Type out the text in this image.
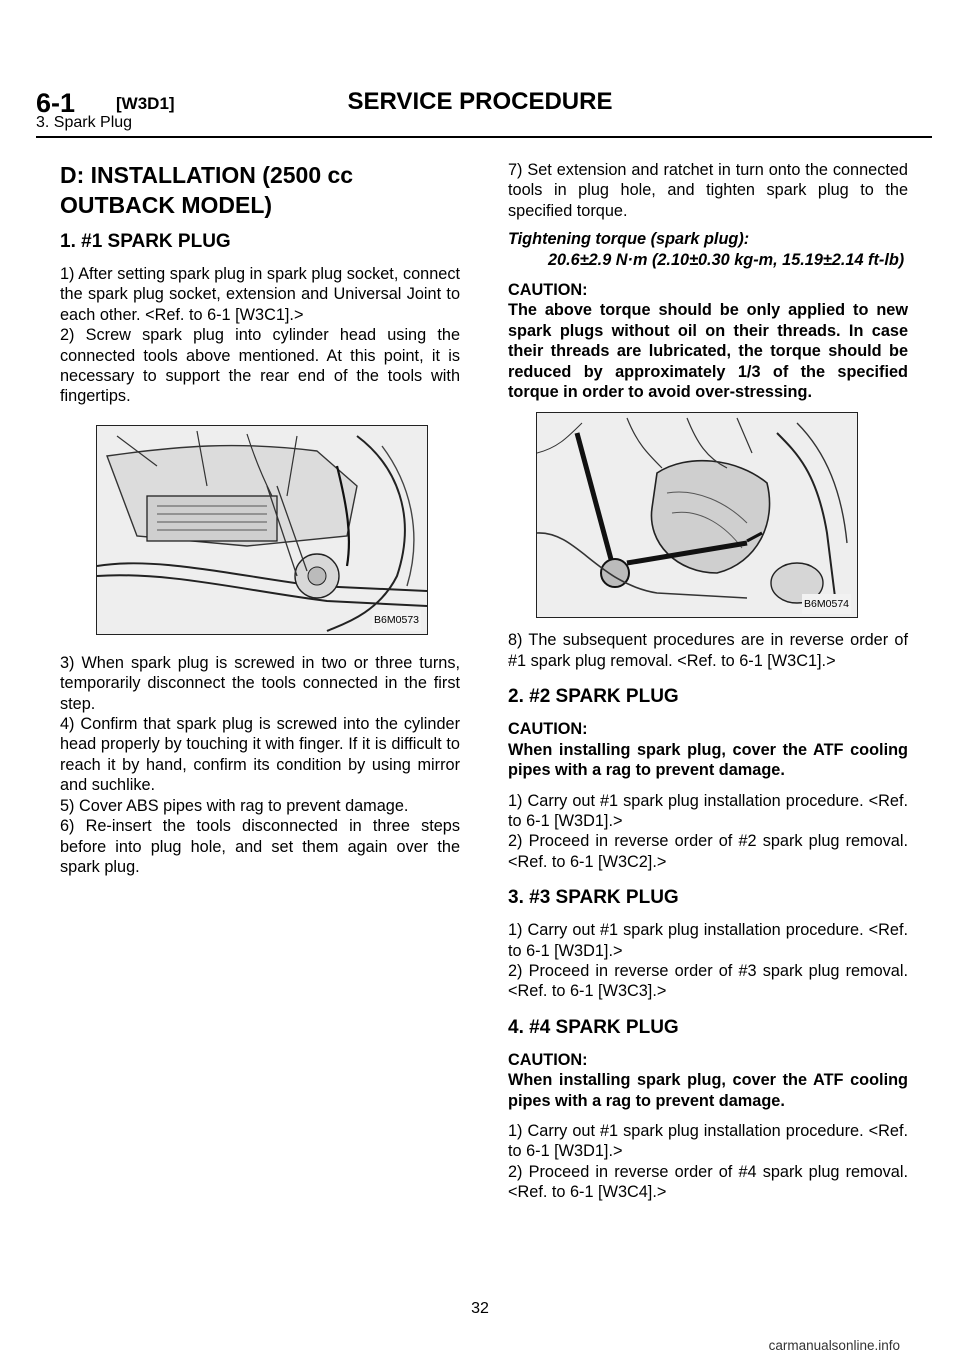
6-1 [W3D1]	SERVICE PROCEDURE
3. Spark Plug
D: INSTALLATION (2500 cc OUTBACK MODEL)
1. #1 SPARK PLUG

1) After setting spark plug in spark plug socket, connect the spark plug socket, extension and Universal Joint to each other. <Ref. to 6-1 [W3C1].>

2) Screw spark plug into cylinder head using the connected tools above mentioned. At this point, it is necessary to support the rear end of the tools with fingertips.

B6M0573

3) When spark plug is screwed in two or three turns, temporarily disconnect the tools connected in the first step.

4) Confirm that spark plug is screwed into the cylinder head properly by touching it with finger. If it is difficult to reach it by hand, confirm its condition by using mirror and suchlike.

5) Cover ABS pipes with rag to prevent damage.

6) Re-insert the tools disconnected in three steps before into plug hole, and set them again over the spark plug.

7) Set extension and ratchet in turn onto the connected tools in plug hole, and tighten spark plug to the specified torque.

Tightening torque (spark plug):
20.6±2.9 N·m (2.10±0.30 kg-m, 15.19±2.14 ft-lb)
CAUTION:
The above torque should be only applied to new spark plugs without oil on their threads. In case their threads are lubricated, the torque should be reduced by approximately 1/3 of the specified torque in order to avoid over-stressing.
B6M0574

8) The subsequent procedures are in reverse order of #1 spark plug removal. <Ref. to 6-1 [W3C1].>

2. #2 SPARK PLUG
CAUTION:
When installing spark plug, cover the ATF cooling pipes with a rag to prevent damage.

1) Carry out #1 spark plug installation procedure. <Ref. to 6-1 [W3D1].>

2) Proceed in reverse order of #2 spark plug removal. <Ref. to 6-1 [W3C2].>

3. #3 SPARK PLUG

1) Carry out #1 spark plug installation procedure. <Ref. to 6-1 [W3D1].>

2) Proceed in reverse order of #3 spark plug removal. <Ref. to 6-1 [W3C3].>

4. #4 SPARK PLUG
CAUTION:
When installing spark plug, cover the ATF cooling pipes with a rag to prevent damage.

1) Carry out #1 spark plug installation procedure. <Ref. to 6-1 [W3D1].>

2) Proceed in reverse order of #4 spark plug removal. <Ref. to 6-1 [W3C4].>

32
carmanualsonline.info
